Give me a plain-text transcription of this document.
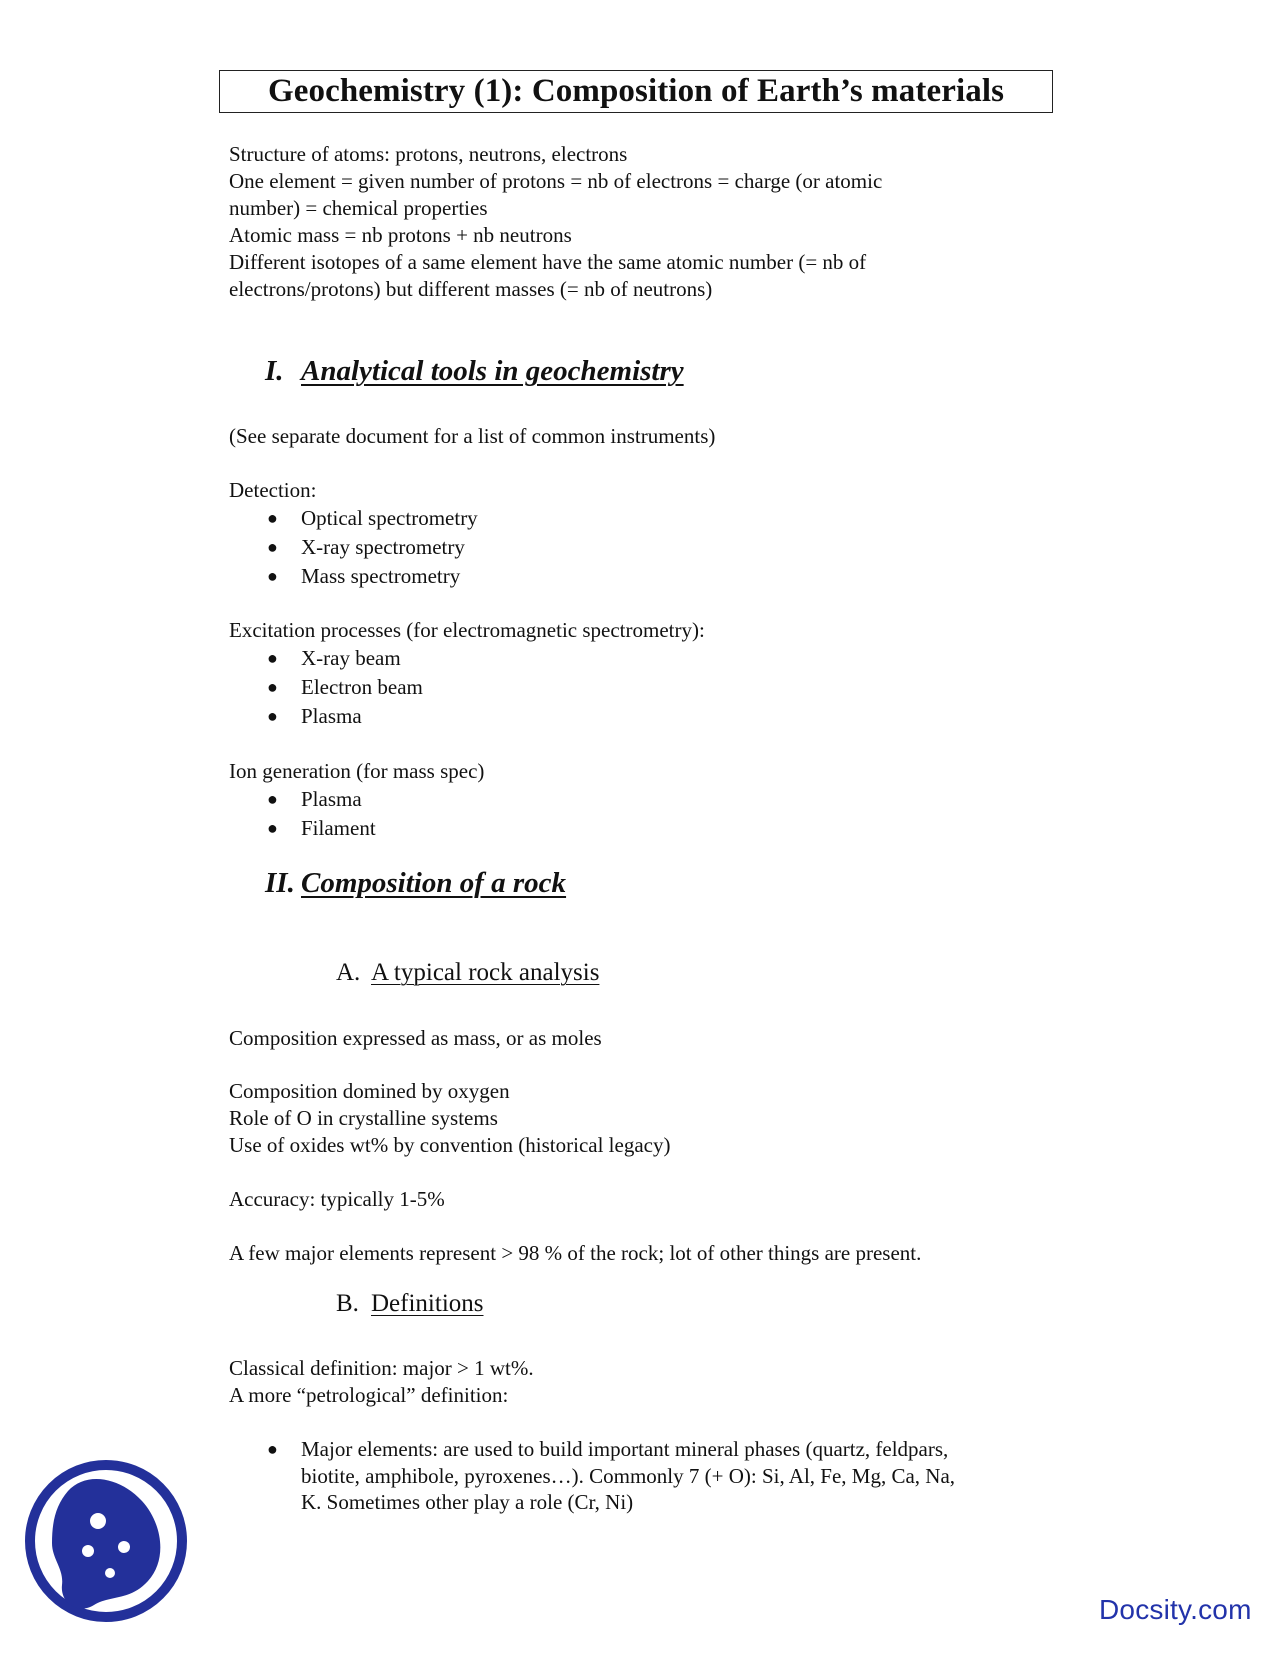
Geochemistry (1): Composition of Earth’s materials
Structure of atoms: protons, neutrons, electrons
One element = given number of protons = nb of electrons = charge (or atomic
number) = chemical properties
Atomic mass = nb protons + nb neutrons
Different isotopes of a same element have the same atomic number (= nb of
electrons/protons) but different masses (= nb of neutrons)
I. Analytical tools in geochemistry
(See separate document for a list of common instruments)
Detection:
● Optical spectrometry
● X-ray spectrometry
● Mass spectrometry
Excitation processes (for electromagnetic spectrometry):
● X-ray beam
● Electron beam
● Plasma
Ion generation (for mass spec)
● Plasma
● Filament
II. Composition of a rock
A. A typical rock analysis
Composition expressed as mass, or as moles
Composition domined by oxygen
Role of O in crystalline systems
Use of oxides wt% by convention (historical legacy)
Accuracy: typically 1-5%
A few major elements represent > 98 % of the rock; lot of other things are present.
B. Definitions
Classical definition: major > 1 wt%.
A more “petrological” definition:
● Major elements: are used to build important mineral phases (quartz, feldpars,
biotite, amphibole, pyroxenes…). Commonly 7 (+ O): Si, Al, Fe, Mg, Ca, Na,
K. Sometimes other play a role (Cr, Ni)
Docsity.com
